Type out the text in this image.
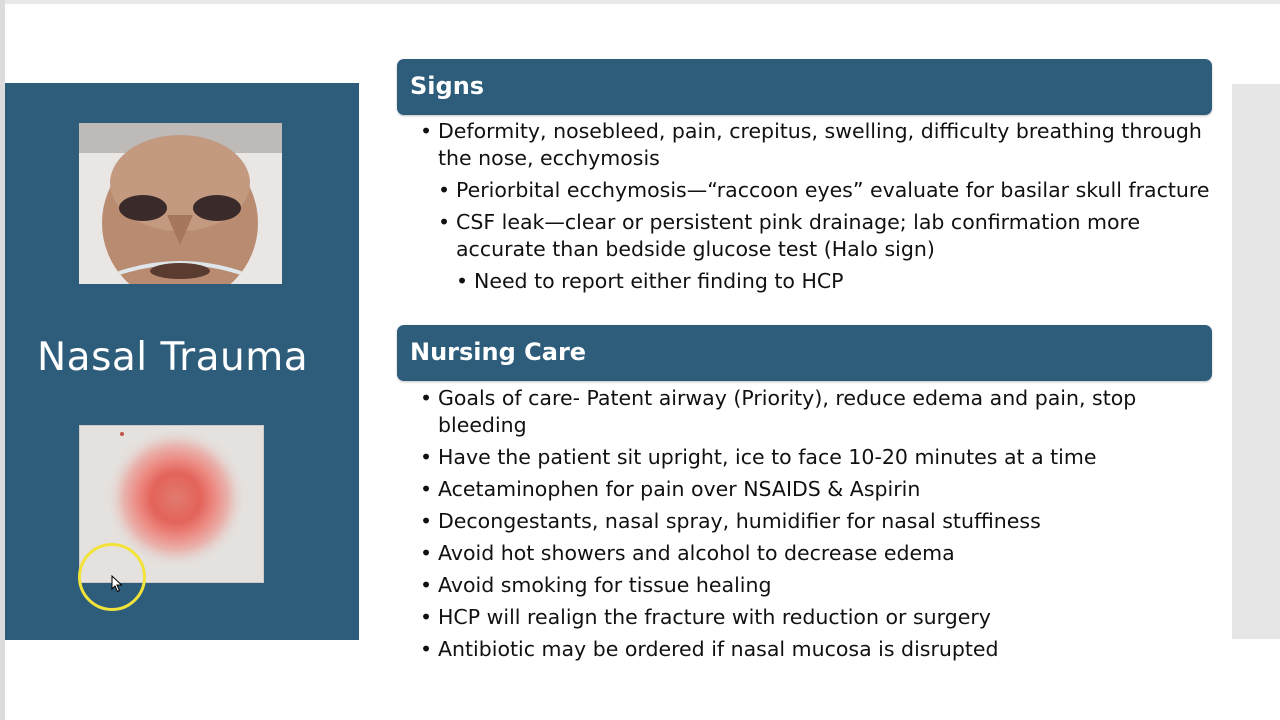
Nasal Trauma
Signs
• Deformity, nosebleed, pain, crepitus, swelling, difficulty breathing through the nose, ecchymosis
• Periorbital ecchymosis—“raccoon eyes” evaluate for basilar skull fracture
• CSF leak—clear or persistent pink drainage; lab confirmation more accurate than bedside glucose test (Halo sign)
• Need to report either finding to HCP
Nursing Care
• Goals of care- Patent airway (Priority), reduce edema and pain, stop bleeding
• Have the patient sit upright, ice to face 10-20 minutes at a time
• Acetaminophen for pain over NSAIDS & Aspirin
• Decongestants, nasal spray, humidifier for nasal stuffiness
• Avoid hot showers and alcohol to decrease edema
• Avoid smoking for tissue healing
• HCP will realign the fracture with reduction or surgery
• Antibiotic may be ordered if nasal mucosa is disrupted
